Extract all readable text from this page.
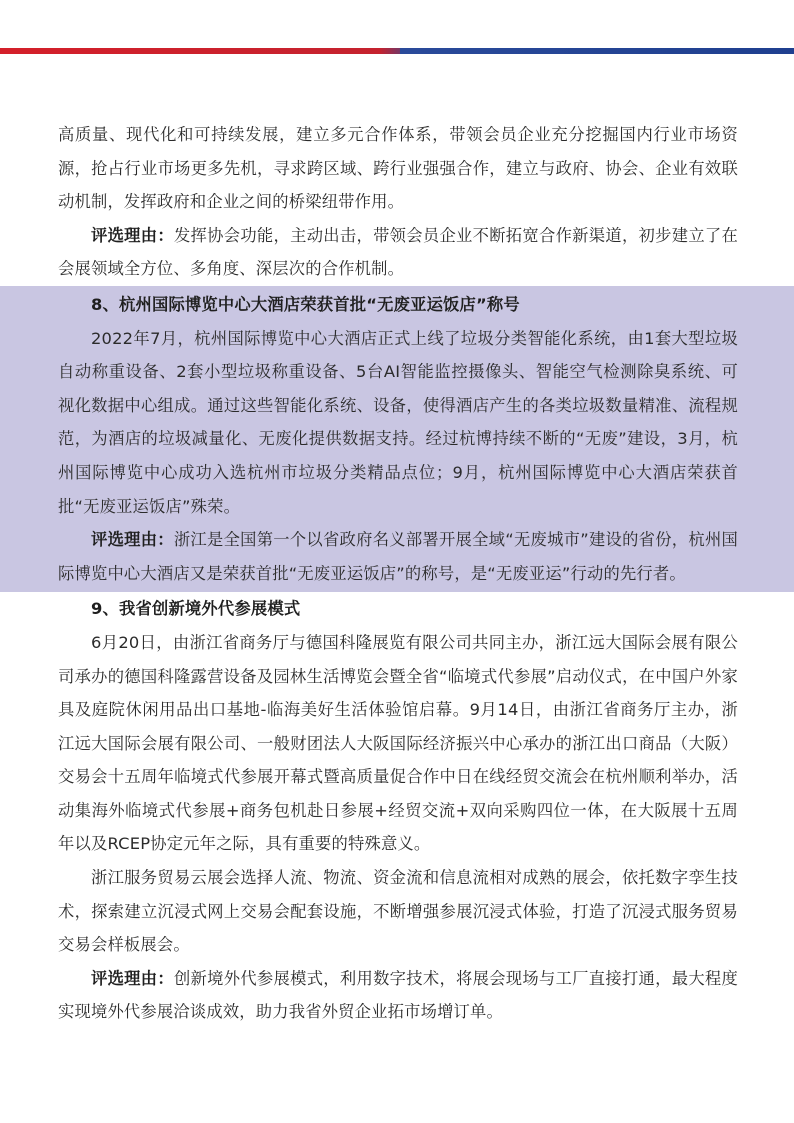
高质量、现代化和可持续发展，建立多元合作体系，带领会员企业充分挖掘国内行业市场资源，抢占行业市场更多先机，寻求跨区域、跨行业强强合作，建立与政府、协会、企业有效联动机制，发挥政府和企业之间的桥梁纽带作用。

评选理由：发挥协会功能，主动出击，带领会员企业不断拓宽合作新渠道，初步建立了在会展领域全方位、多角度、深层次的合作机制。

8、杭州国际博览中心大酒店荣获首批“无废亚运饭店”称号

2022年7月，杭州国际博览中心大酒店正式上线了垃圾分类智能化系统，由1套大型垃圾自动称重设备、2套小型垃圾称重设备、5台AI智能监控摄像头、智能空气检测除臭系统、可视化数据中心组成。通过这些智能化系统、设备，使得酒店产生的各类垃圾数量精准、流程规范，为酒店的垃圾减量化、无废化提供数据支持。经过杭博持续不断的“无废”建设，3月，杭州国际博览中心成功入选杭州市垃圾分类精品点位；9月，杭州国际博览中心大酒店荣获首批“无废亚运饭店”殊荣。

评选理由：浙江是全国第一个以省政府名义部署开展全域“无废城市”建设的省份，杭州国际博览中心大酒店又是荣获首批“无废亚运饭店”的称号，是“无废亚运”行动的先行者。

9、我省创新境外代参展模式

6月20日，由浙江省商务厅与德国科隆展览有限公司共同主办，浙江远大国际会展有限公司承办的德国科隆露营设备及园林生活博览会暨全省“临境式代参展”启动仪式，在中国户外家具及庭院休闲用品出口基地-临海美好生活体验馆启幕。9月14日，由浙江省商务厅主办，浙江远大国际会展有限公司、一般财团法人大阪国际经济振兴中心承办的浙江出口商品（大阪）交易会十五周年临境式代参展开幕式暨高质量促合作中日在线经贸交流会在杭州顺利举办，活动集海外临境式代参展+商务包机赴日参展+经贸交流+双向采购四位一体，在大阪展十五周年以及RCEP协定元年之际，具有重要的特殊意义。

浙江服务贸易云展会选择人流、物流、资金流和信息流相对成熟的展会，依托数字孪生技术，探索建立沉浸式网上交易会配套设施，不断增强参展沉浸式体验，打造了沉浸式服务贸易交易会样板展会。

评选理由：创新境外代参展模式，利用数字技术，将展会现场与工厂直接打通，最大程度实现境外代参展洽谈成效，助力我省外贸企业拓市场增订单。
